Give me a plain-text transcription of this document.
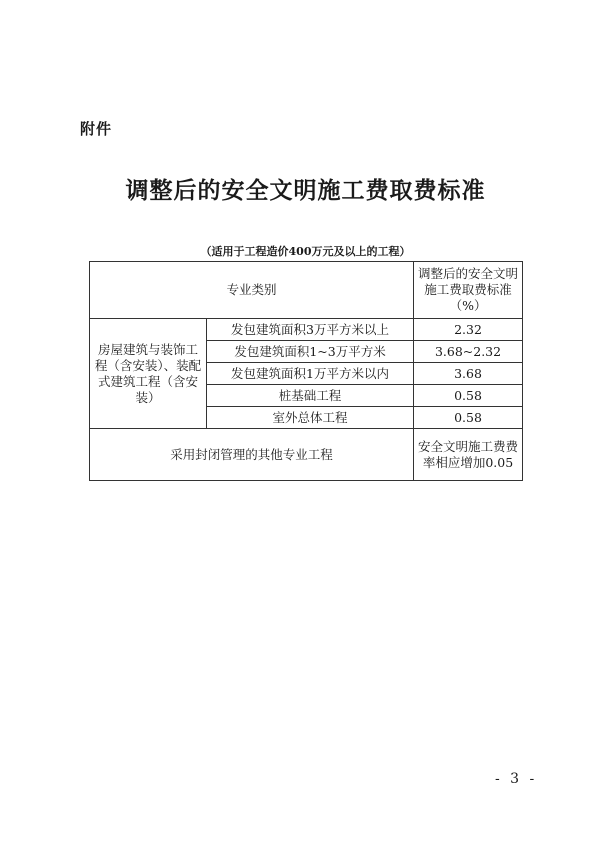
附件
调整后的安全文明施工费取费标准
（适用于工程造价400万元及以上的工程）
专业类别		调整后的安全文明施工费取费标准（%）
房屋建筑与装饰工程（含安装）、装配式建筑工程（含安装）	发包建筑面积3万平方米以上	2.32
	发包建筑面积1~3万平方米	3.68~2.32
	发包建筑面积1万平方米以内	3.68
	桩基础工程	0.58
	室外总体工程	0.58
采用封闭管理的其他专业工程		安全文明施工费费率相应增加0.05
- 3 -
